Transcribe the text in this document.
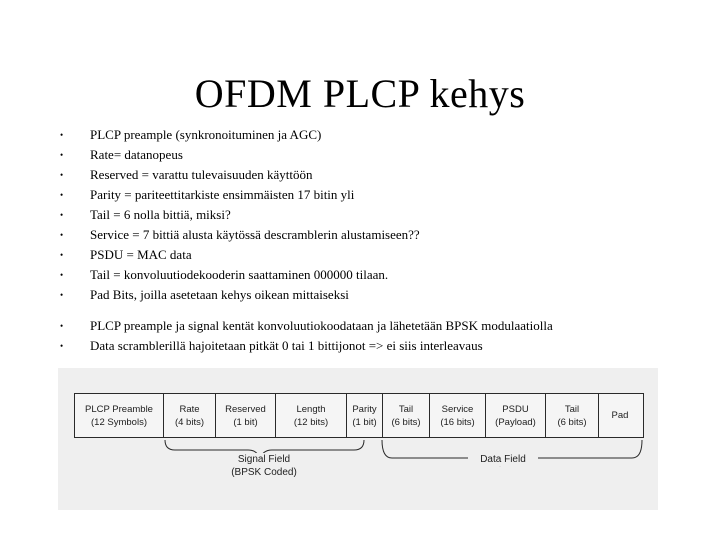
OFDM PLCP kehys
•	PLCP preample (synkronoituminen ja AGC)
•	Rate= datanopeus
•	Reserved = varattu tulevaisuuden käyttöön
•	Parity = pariteettitarkiste ensimmäisten 17 bitin yli
•	Tail = 6 nolla bittiä, miksi?
•	Service = 7 bittiä alusta käytössä descramblerin alustamiseen??
•	PSDU = MAC data
•	Tail = konvoluutiodekooderin saattaminen 000000 tilaan.
•	Pad Bits, joilla asetetaan kehys oikean mittaiseksi
•	PLCP preample ja signal kentät konvoluutiokoodataan ja lähetetään BPSK modulaatiolla
•	Data scramblerillä hajoitetaan pitkät 0 tai 1 bittijonot => ei siis interleavaus
PLCP Preamble
(12 Symbols)
Rate
(4 bits)
Reserved
(1 bit)
Length
(12 bits)
Parity
(1 bit)
Tail
(6 bits)
Service
(16 bits)
PSDU
(Payload)
Tail
(6 bits)
Pad
Signal Field
(BPSK Coded)
Data Field
